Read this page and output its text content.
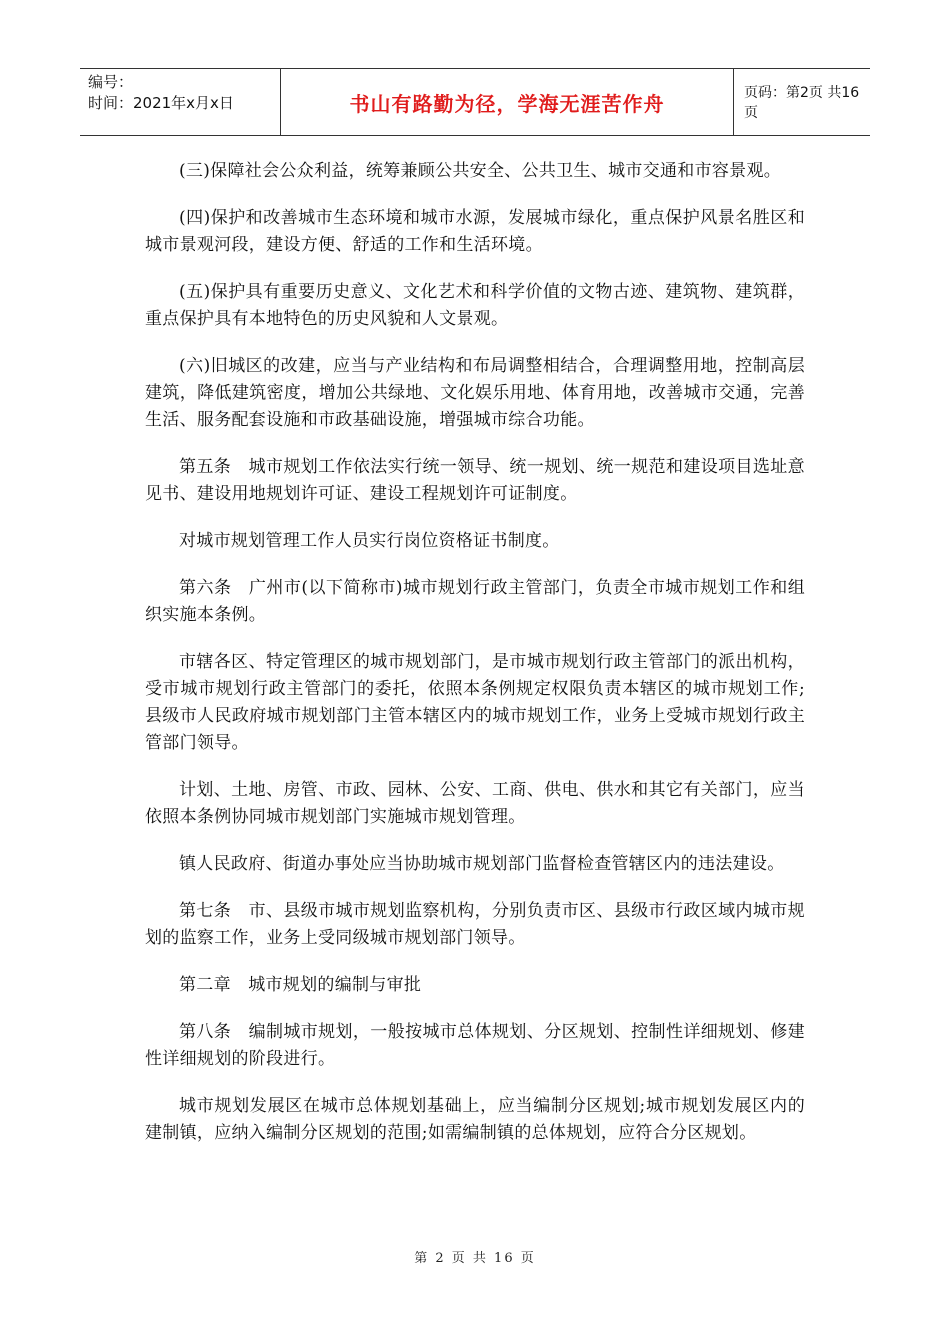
编号：
时间：2021年x月x日	书山有路勤为径，学海无涯苦作舟	页码：第2页 共16页

(三)保障社会公众利益，统筹兼顾公共安全、公共卫生、城市交通和市容景观。

(四)保护和改善城市生态环境和城市水源，发展城市绿化，重点保护风景名胜区和城市景观河段，建设方便、舒适的工作和生活环境。

(五)保护具有重要历史意义、文化艺术和科学价值的文物古迹、建筑物、建筑群，重点保护具有本地特色的历史风貌和人文景观。

(六)旧城区的改建，应当与产业结构和布局调整相结合，合理调整用地，控制高层建筑，降低建筑密度，增加公共绿地、文化娱乐用地、体育用地，改善城市交通，完善生活、服务配套设施和市政基础设施，增强城市综合功能。

第五条　城市规划工作依法实行统一领导、统一规划、统一规范和建设项目选址意见书、建设用地规划许可证、建设工程规划许可证制度。

对城市规划管理工作人员实行岗位资格证书制度。

第六条　广州市(以下简称市)城市规划行政主管部门，负责全市城市规划工作和组织实施本条例。

市辖各区、特定管理区的城市规划部门，是市城市规划行政主管部门的派出机构，受市城市规划行政主管部门的委托，依照本条例规定权限负责本辖区的城市规划工作;县级市人民政府城市规划部门主管本辖区内的城市规划工作，业务上受城市规划行政主管部门领导。

计划、土地、房管、市政、园林、公安、工商、供电、供水和其它有关部门，应当依照本条例协同城市规划部门实施城市规划管理。

镇人民政府、街道办事处应当协助城市规划部门监督检查管辖区内的违法建设。

第七条　市、县级市城市规划监察机构，分别负责市区、县级市行政区域内城市规划的监察工作，业务上受同级城市规划部门领导。

第二章　城市规划的编制与审批

第八条　编制城市规划，一般按城市总体规划、分区规划、控制性详细规划、修建性详细规划的阶段进行。

城市规划发展区在城市总体规划基础上，应当编制分区规划;城市规划发展区内的建制镇，应纳入编制分区规划的范围;如需编制镇的总体规划，应符合分区规划。

第 2 页 共 16 页
